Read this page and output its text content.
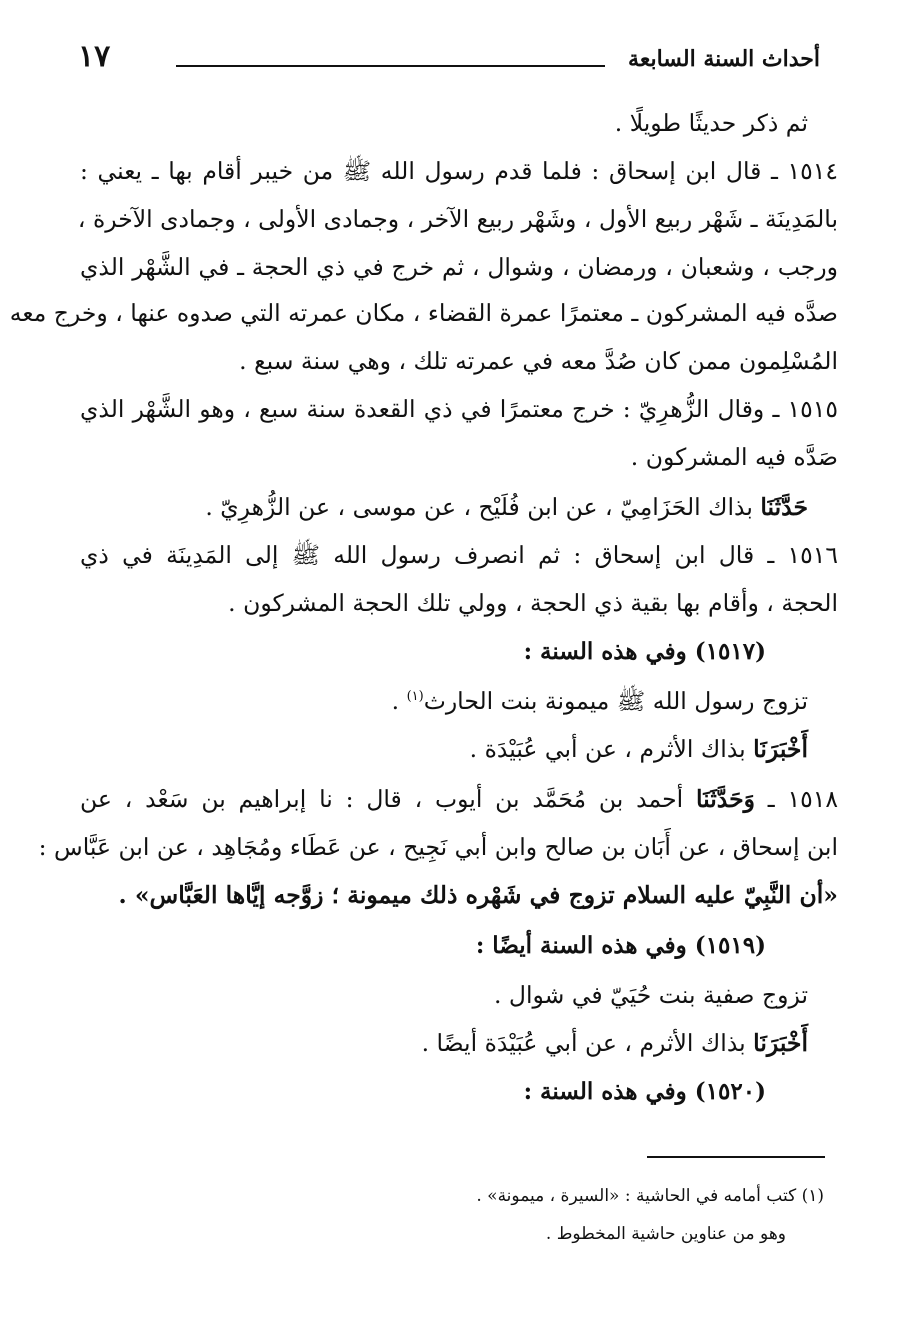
أحداث السنة السابعة
١٧
ثم ذكر حديثًا طويلًا .
١٥١٤ ـ قال ابن إسحاق : فلما قدم رسول الله ﷺ من خيبر أقام بها ـ يعني :
بالمَدِينَة ـ شَهْر ربيع الأول ، وشَهْر ربيع الآخر ، وجمادى الأولى ، وجمادى الآخرة ،
ورجب ، وشعبان ، ورمضان ، وشوال ، ثم خرج في ذي الحجة ـ في الشَّهْر الذي
صدَّه فيه المشركون ـ معتمرًا عمرة القضاء ، مكان عمرته التي صدوه عنها ، وخرج معه
المُسْلِمون ممن كان صُدَّ معه في عمرته تلك ، وهي سنة سبع .
١٥١٥ ـ وقال الزُّهرِيّ : خرج معتمرًا في ذي القعدة سنة سبع ، وهو الشَّهْر الذي
صَدَّه فيه المشركون .
حَدَّثَنَا بذاك الحَزَامِيّ ، عن ابن فُلَيْح ، عن موسى ، عن الزُّهرِيّ .
١٥١٦ ـ قال ابن إسحاق : ثم انصرف رسول الله ﷺ إلى المَدِينَة في ذي
الحجة ، وأقام بها بقية ذي الحجة ، وولي تلك الحجة المشركون .
(١٥١٧) وفي هذه السنة :
تزوج رسول الله ﷺ ميمونة بنت الحارث$^{(١)}$ .
أَخْبَرَنَا بذاك الأثرم ، عن أبي عُبَيْدَة .
١٥١٨ ـ وَحَدَّثَنَا أحمد بن مُحَمَّد بن أيوب ، قال : نا إبراهيم بن سَعْد ، عن
ابن إسحاق ، عن أَبَان بن صالح وابن أبي نَجِيح ، عن عَطَاء ومُجَاهِد ، عن ابن عَبَّاس :
«أن النَّبِيّ عليه السلام تزوج في شَهْره ذلك ميمونة ؛ زوَّجه إيَّاها العَبَّاس» .
(١٥١٩) وفي هذه السنة أيضًا :
تزوج صفية بنت حُيَيّ في شوال .
أَخْبَرَنَا بذاك الأثرم ، عن أبي عُبَيْدَة أيضًا .
(١٥٢٠) وفي هذه السنة :
(١) كتب أمامه في الحاشية : «السيرة ، ميمونة» .
وهو من عناوين حاشية المخطوط .
